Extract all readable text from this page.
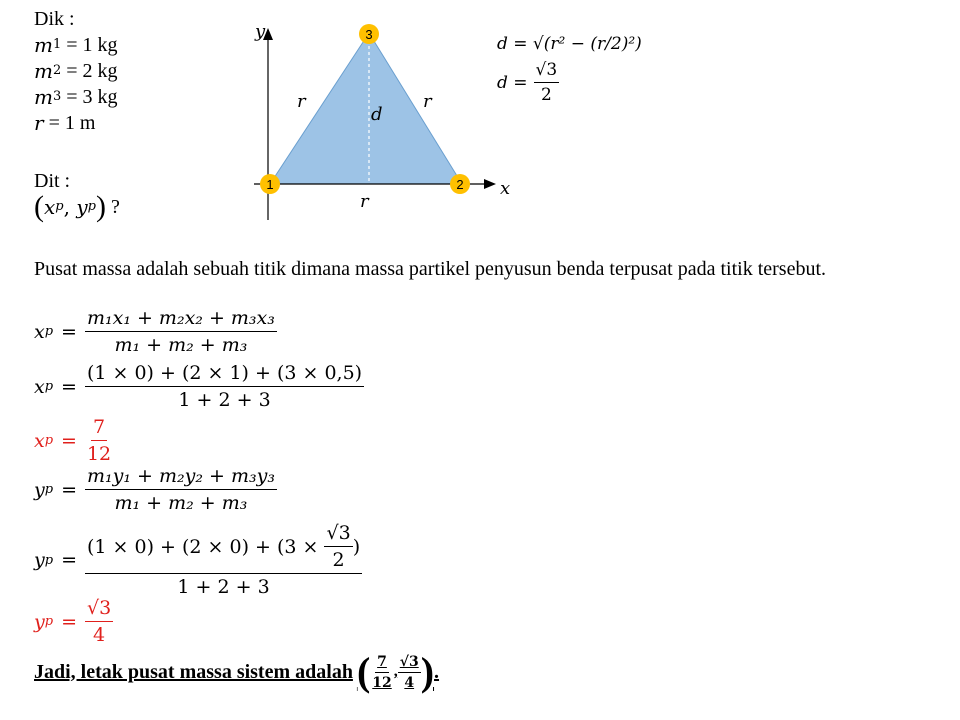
Dik :
m 1 = 1 kg
m 2 = 2 kg
m 3 = 3 kg
r = 1 m
Dit :
( x p , y p ) ?
y
x
r	r
r
d
1	2
3	d = √(r² − (r/2)²)
$d = \frac{√3}{2}$
Pusat massa adalah sebuah titik dimana massa partikel penyusun benda terpusat pada titik tersebut.
x $p = \frac{\text{m₁x₁ + m₂x₂ + m₃x₃}}{\text{m₁ + m₂ + m₃}}$
x $p = \frac{(1 \times 0) + (2 \times 1) + (3 \times 0,5)}{1 + 2 + 3}$
x $p = \frac{7}{12}$
y $p = \frac{\text{m₁y₁ + m₂y₂ + m₃y₃}}{\text{m₁ + m₂ + m₃}}$
y $p = \frac{(1 \times 0) + (2 \times 0) + (3 \times \frac{√3}{2} )}{1 + 2 + 3}$
y $p = \frac{√3}{4}$
Jadi, letak pusat massa sistem adalah ( $\frac{7}{12}$ , $\frac{√3}{4}$ ) .
